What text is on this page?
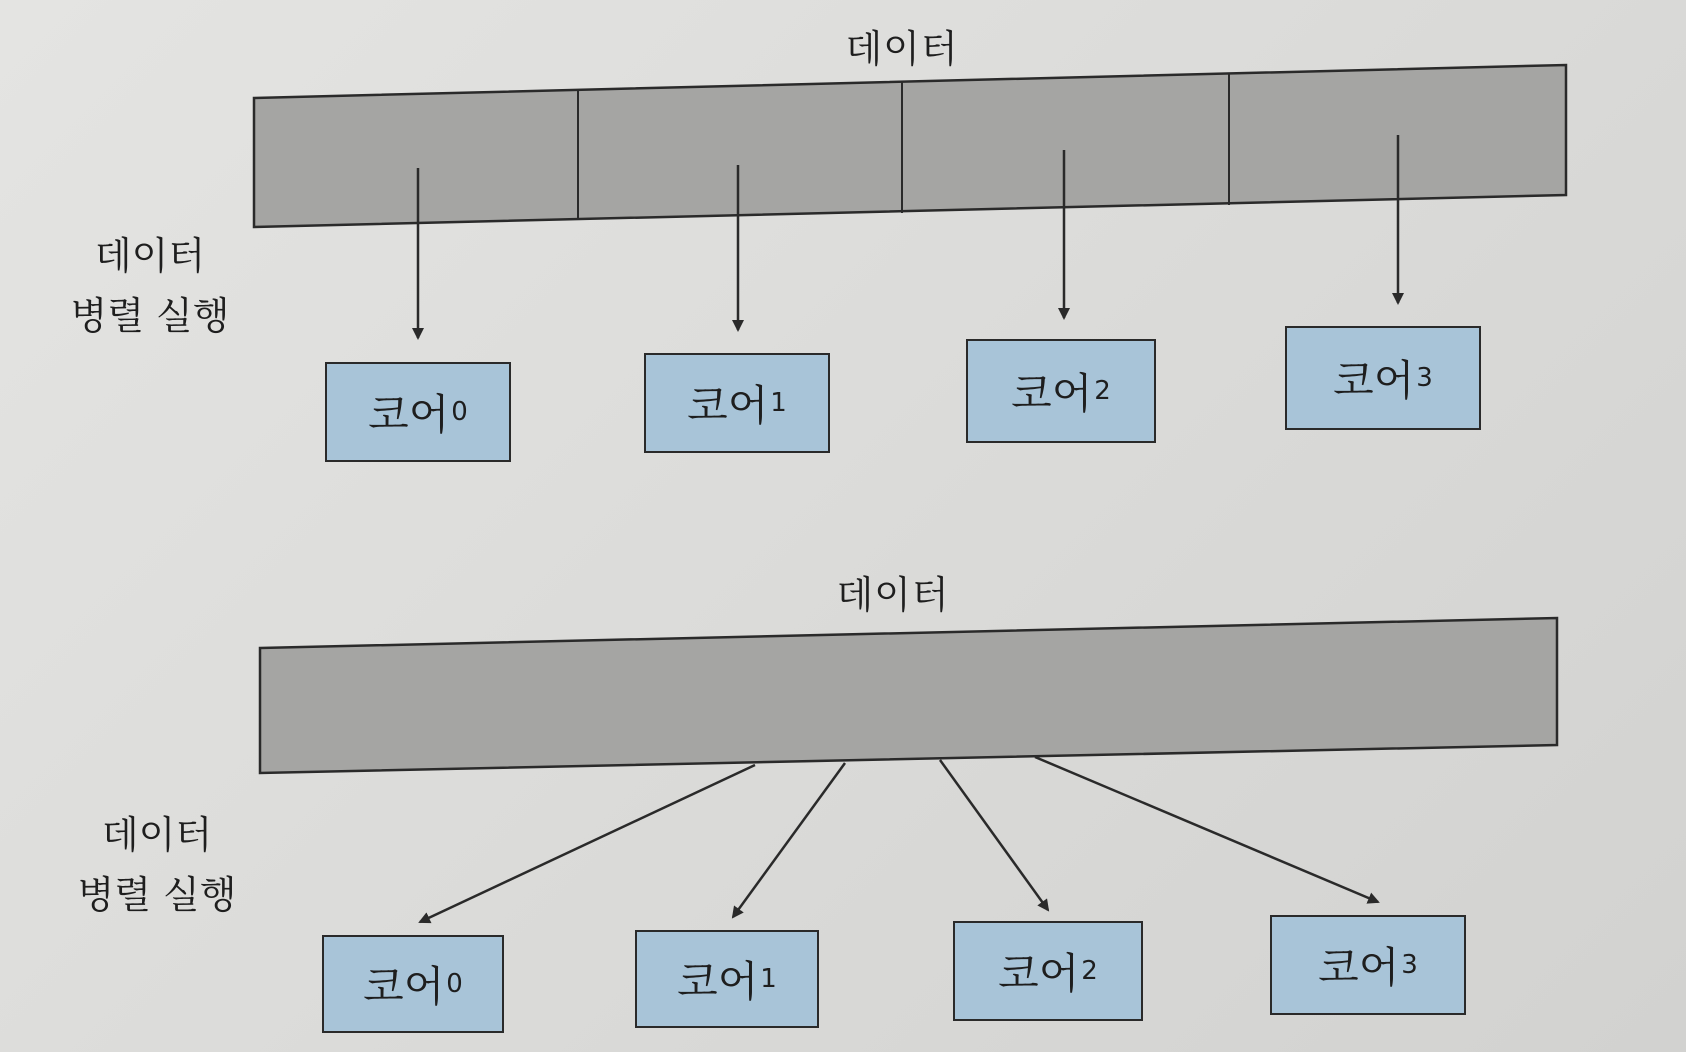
데이터
데이터
병렬 실행
코어 0	코어 1	코어 2	코어 3
데이터
데이터
병렬 실행
코어 0	코어 1	코어 2	코어 3
